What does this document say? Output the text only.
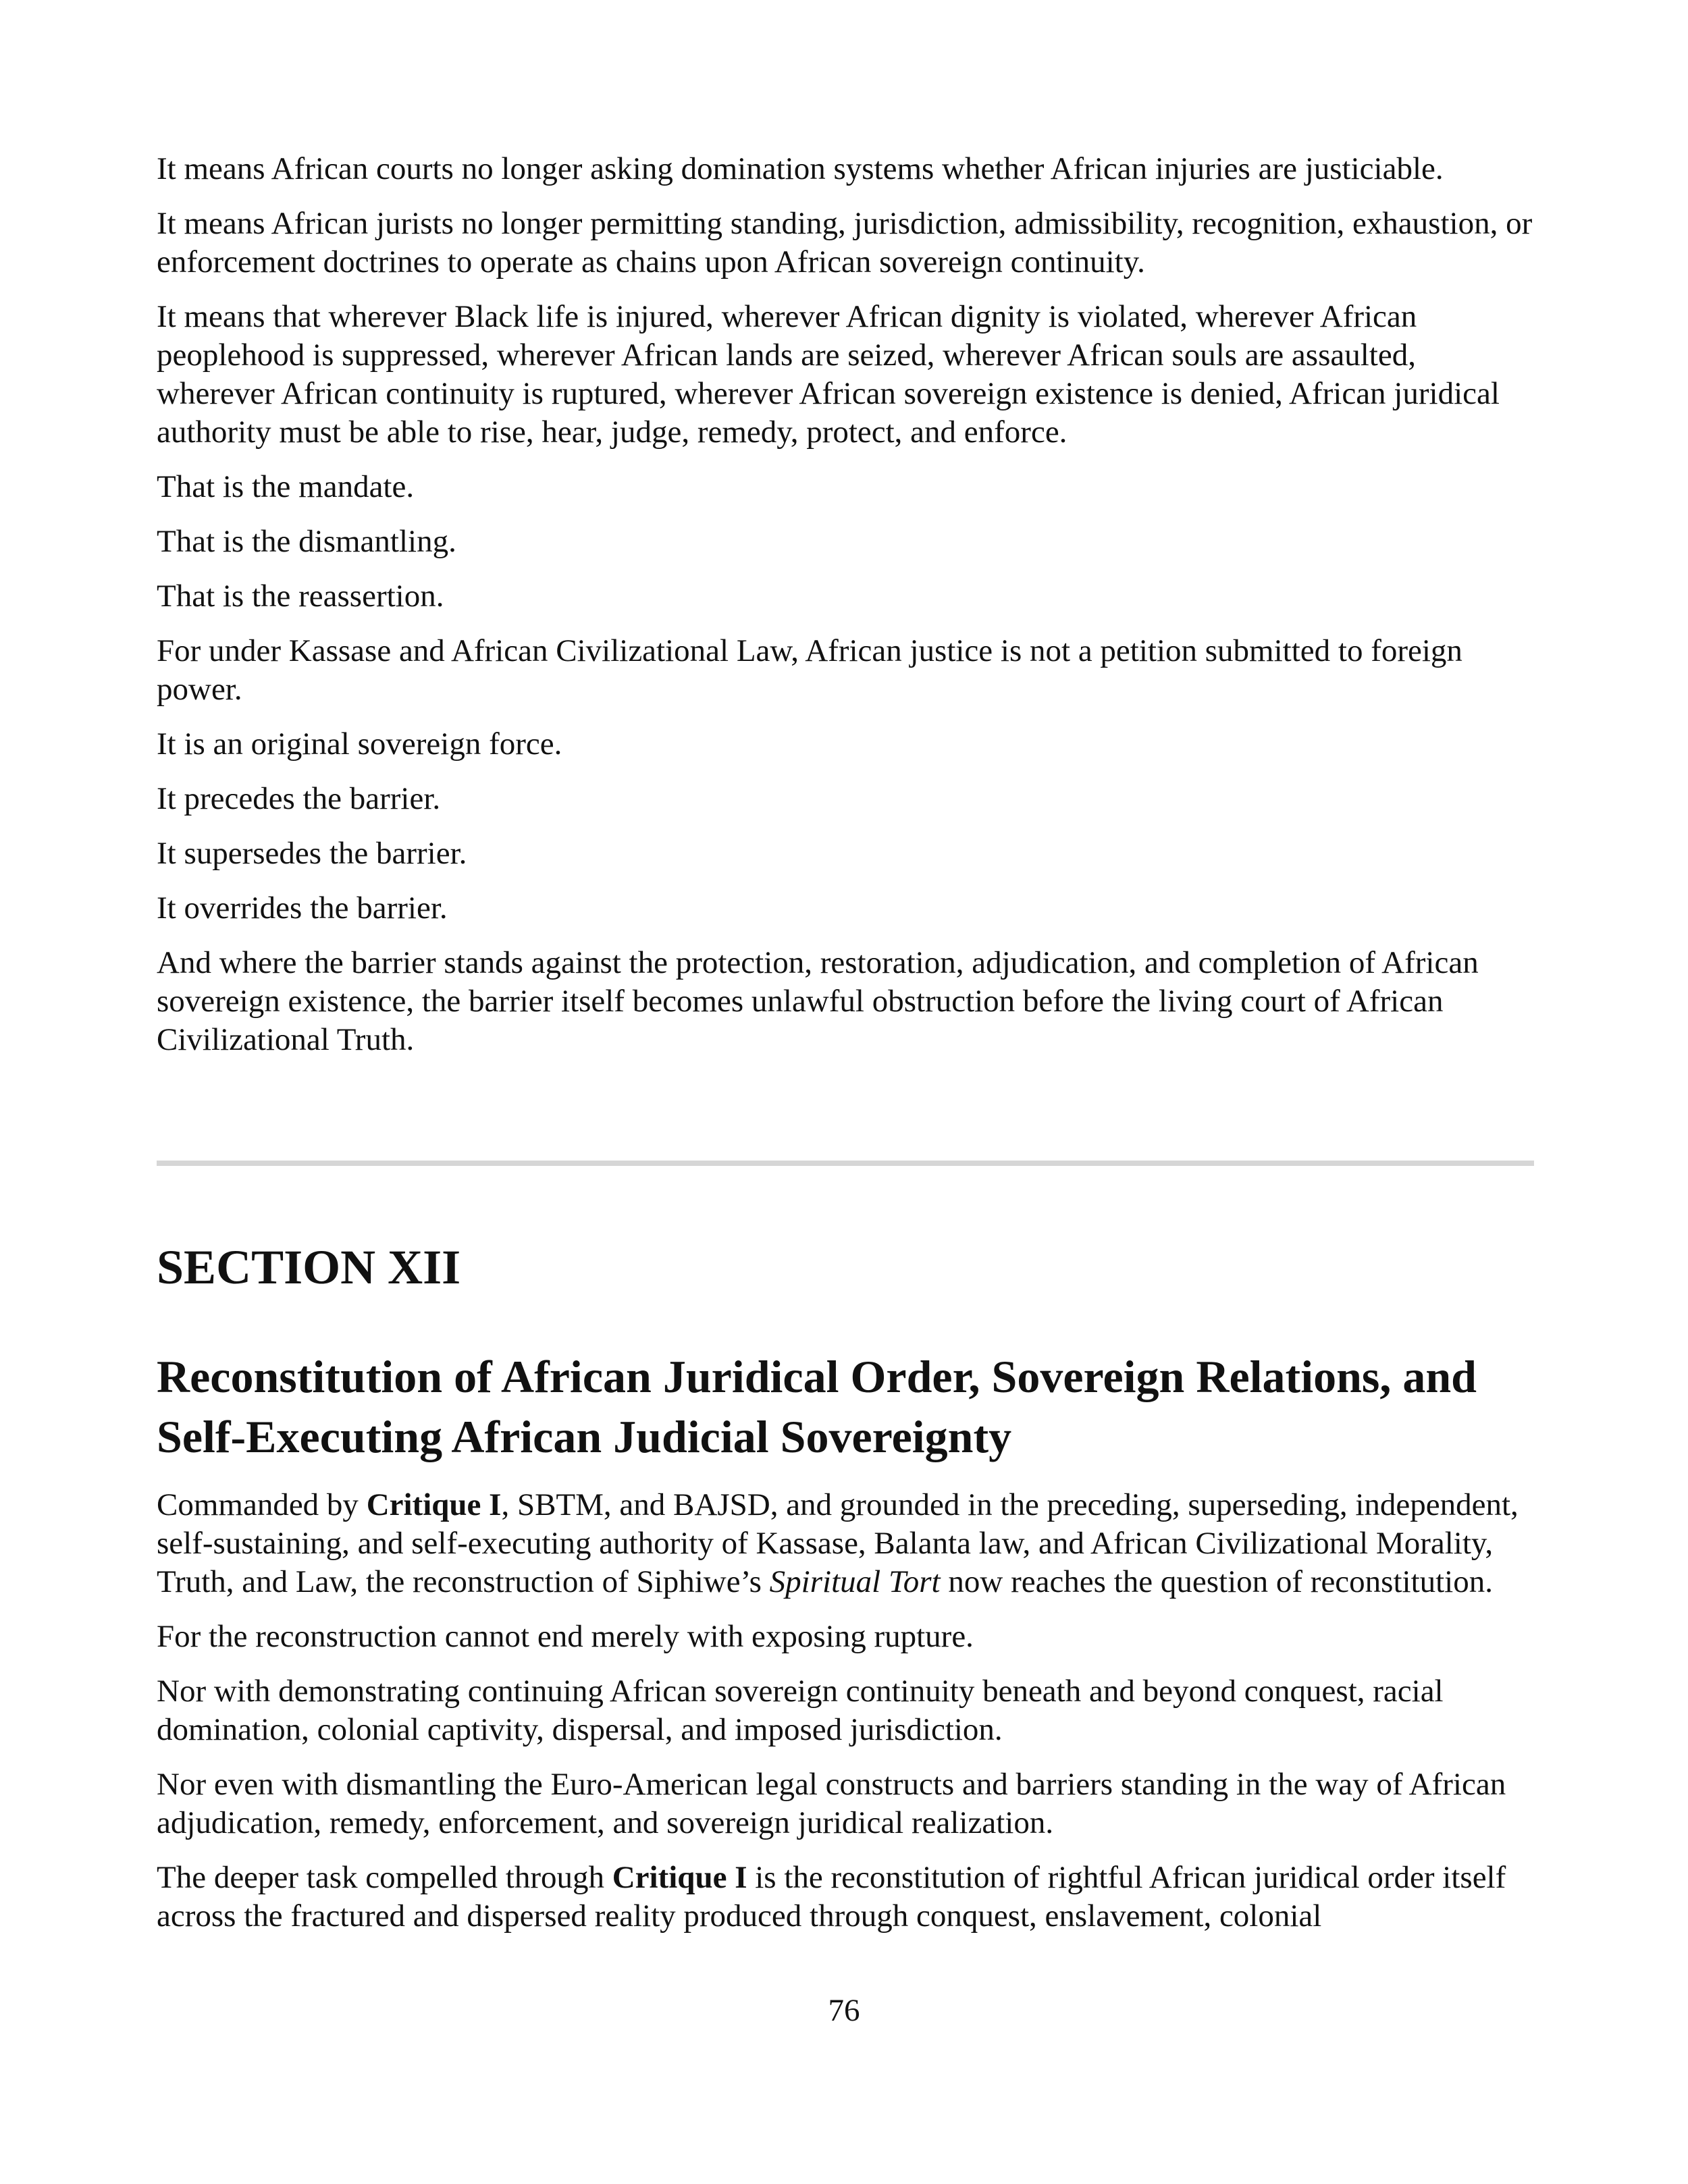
It means African courts no longer asking domination systems whether African injuries are justiciable.

It means African jurists no longer permitting standing, jurisdiction, admissibility, recognition, exhaustion, or enforcement doctrines to operate as chains upon African sovereign continuity.

It means that wherever Black life is injured, wherever African dignity is violated, wherever African peoplehood is suppressed, wherever African lands are seized, wherever African souls are assaulted, wherever African continuity is ruptured, wherever African sovereign existence is denied, African juridical authority must be able to rise, hear, judge, remedy, protect, and enforce.

That is the mandate.

That is the dismantling.

That is the reassertion.

For under Kassase and African Civilizational Law, African justice is not a petition submitted to foreign power.

It is an original sovereign force.

It precedes the barrier.

It supersedes the barrier.

It overrides the barrier.

And where the barrier stands against the protection, restoration, adjudication, and completion of African sovereign existence, the barrier itself becomes unlawful obstruction before the living court of African Civilizational Truth.

SECTION XII
Reconstitution of African Juridical Order, Sovereign Relations, and Self-Executing African Judicial Sovereignty

Commanded by Critique I, SBTM, and BAJSD, and grounded in the preceding, superseding, independent, self-sustaining, and self-executing authority of Kassase, Balanta law, and African Civilizational Morality, Truth, and Law, the reconstruction of Siphiwe’s Spiritual Tort now reaches the question of reconstitution.

For the reconstruction cannot end merely with exposing rupture.

Nor with demonstrating continuing African sovereign continuity beneath and beyond conquest, racial domination, colonial captivity, dispersal, and imposed jurisdiction.

Nor even with dismantling the Euro-American legal constructs and barriers standing in the way of African adjudication, remedy, enforcement, and sovereign juridical realization.

The deeper task compelled through Critique I is the reconstitution of rightful African juridical order itself across the fractured and dispersed reality produced through conquest, enslavement, colonial

76
